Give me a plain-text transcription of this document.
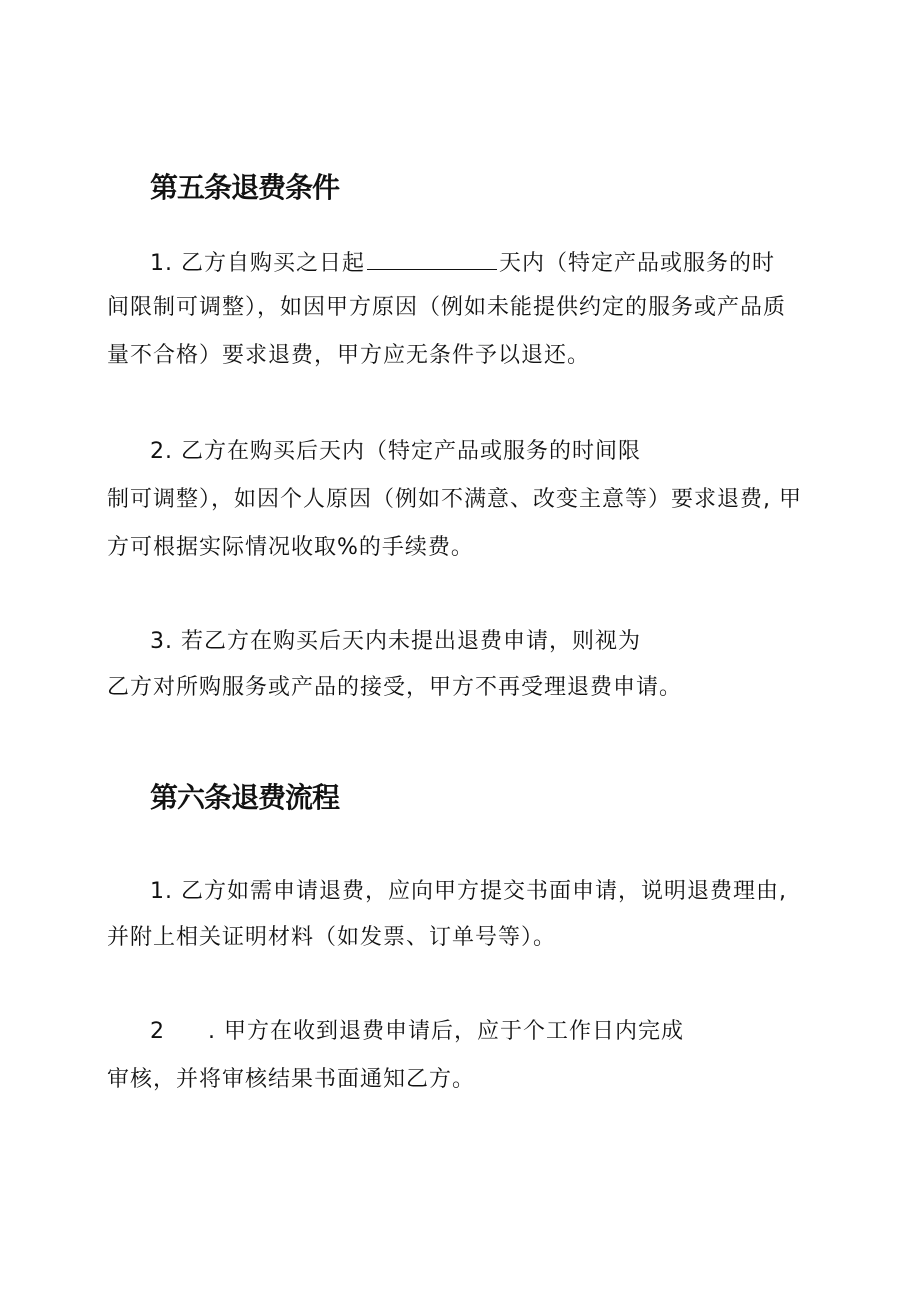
第五条退费条件
1. 乙方自购买之日起	天内（特定产品或服务的时
间限制可调整），如因甲方原因（例如未能提供约定的服务或产品质
量不合格）要求退费，甲方应无条件予以退还。
2. 乙方在购买后天内（特定产品或服务的时间限
制可调整），如因个人原因（例如不满意、改变主意等）要求退费, 甲
方可根据实际情况收取%的手续费。
3. 若乙方在购买后天内未提出退费申请，则视为
乙方对所购服务或产品的接受，甲方不再受理退费申请。
第六条退费流程
1. 乙方如需申请退费，应向甲方提交书面申请，说明退费理由,
并附上相关证明材料（如发票、订单号等）。
2 . 甲方在收到退费申请后，应于个工作日内完成
审核，并将审核结果书面通知乙方。
